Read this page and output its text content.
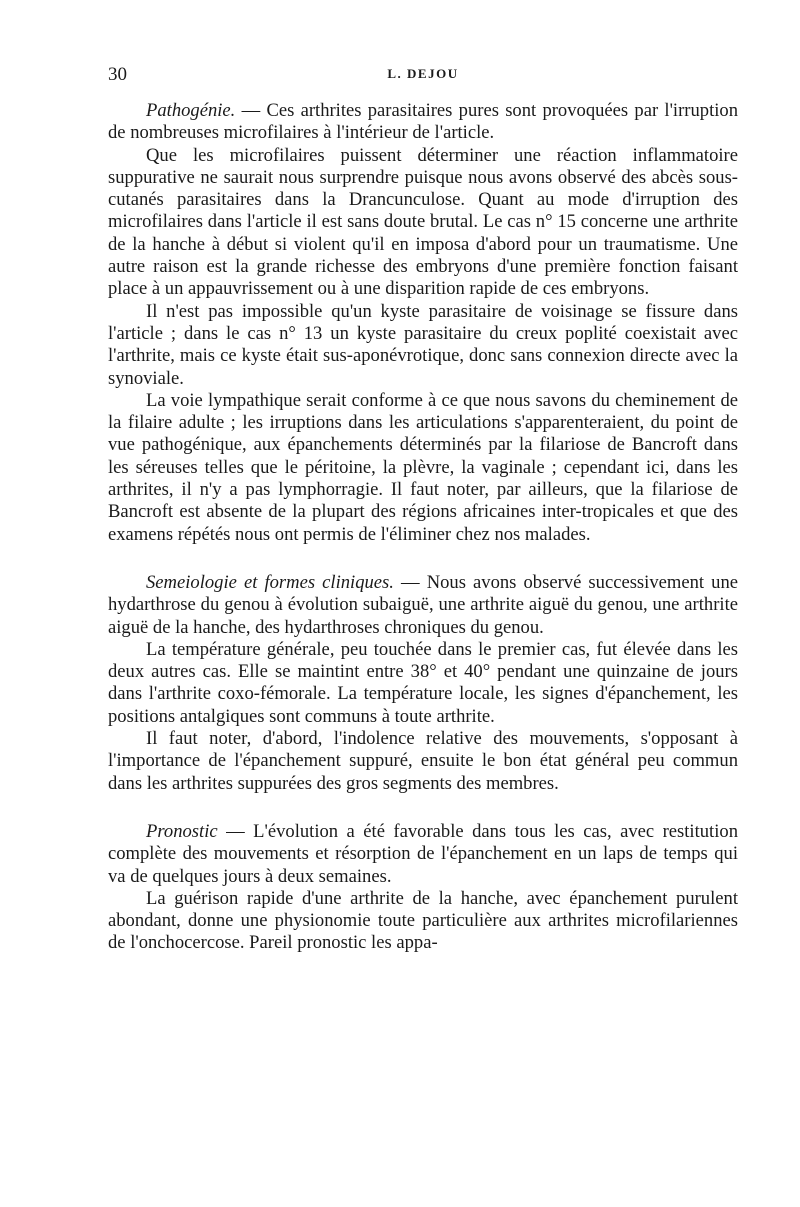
30	L. DEJOU

Pathogénie. — Ces arthrites parasitaires pures sont provoquées par l'irruption de nombreuses microfilaires à l'intérieur de l'article.

Que les microfilaires puissent déterminer une réaction inflammatoire suppurative ne saurait nous surprendre puisque nous avons observé des abcès sous-cutanés parasitaires dans la Drancunculose. Quant au mode d'irruption des microfilaires dans l'article il est sans doute brutal. Le cas n° 15 concerne une arthrite de la hanche à début si violent qu'il en imposa d'abord pour un traumatisme. Une autre raison est la grande richesse des embryons d'une première fonction faisant place à un appauvrissement ou à une disparition rapide de ces embryons.

Il n'est pas impossible qu'un kyste parasitaire de voisinage se fissure dans l'article ; dans le cas n° 13 un kyste parasitaire du creux poplité coexistait avec l'arthrite, mais ce kyste était sus-aponévrotique, donc sans connexion directe avec la synoviale.

La voie lympathique serait conforme à ce que nous savons du cheminement de la filaire adulte ; les irruptions dans les articulations s'apparenteraient, du point de vue pathogénique, aux épanchements déterminés par la filariose de Bancroft dans les séreuses telles que le péritoine, la plèvre, la vaginale ; cependant ici, dans les arthrites, il n'y a pas lymphorragie. Il faut noter, par ailleurs, que la filariose de Bancroft est absente de la plupart des régions africaines inter-tropicales et que des examens répétés nous ont permis de l'éliminer chez nos malades.

Semeiologie et formes cliniques. — Nous avons observé successivement une hydarthrose du genou à évolution subaiguë, une arthrite aiguë du genou, une arthrite aiguë de la hanche, des hydarthroses chroniques du genou.

La température générale, peu touchée dans le premier cas, fut élevée dans les deux autres cas. Elle se maintint entre 38° et 40° pendant une quinzaine de jours dans l'arthrite coxo-fémorale. La température locale, les signes d'épanchement, les positions antalgiques sont communs à toute arthrite.

Il faut noter, d'abord, l'indolence relative des mouvements, s'opposant à l'importance de l'épanchement suppuré, ensuite le bon état général peu commun dans les arthrites suppurées des gros segments des membres.

Pronostic — L'évolution a été favorable dans tous les cas, avec restitution complète des mouvements et résorption de l'épanchement en un laps de temps qui va de quelques jours à deux semaines.

La guérison rapide d'une arthrite de la hanche, avec épanchement purulent abondant, donne une physionomie toute particulière aux arthrites microfilariennes de l'onchocercose. Pareil pronostic les appa-
